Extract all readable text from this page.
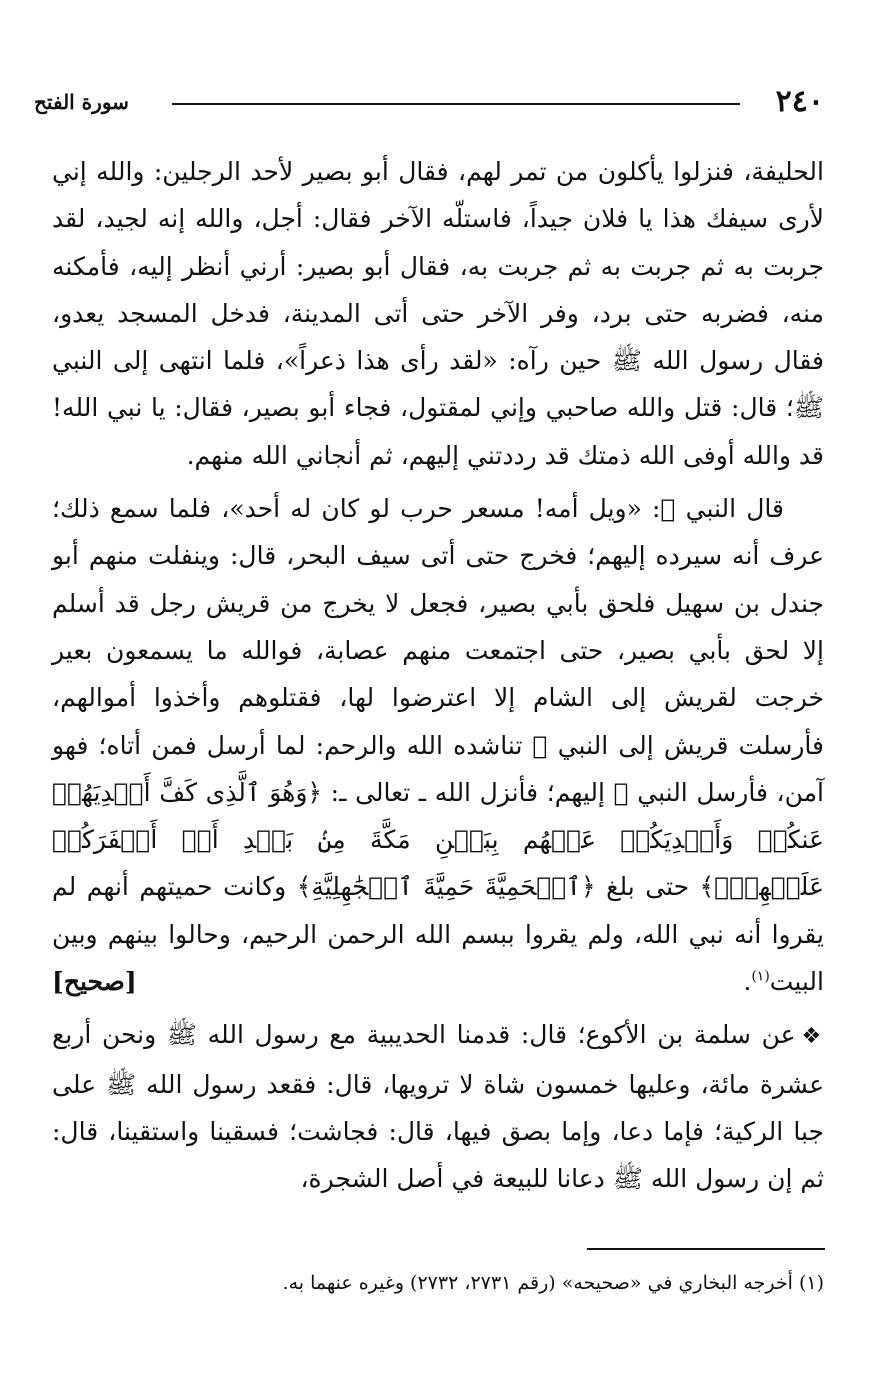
٢٤٠
سورة الفتح

الحليفة، فنزلوا يأكلون من تمر لهم، فقال أبو بصير لأحد الرجلين: والله إني لأرى سيفك هذا يا فلان جيداً، فاستلّه الآخر فقال: أجل، والله إنه لجيد، لقد جربت به ثم جربت به ثم جربت به، فقال أبو بصير: أرني أنظر إليه، فأمكنه منه، فضربه حتى برد، وفر الآخر حتى أتى المدينة، فدخل المسجد يعدو، فقال رسول الله ﷺ حين رآه: «لقد رأى هذا ذعراً»، فلما انتهى إلى النبي ﷺ؛ قال: قتل والله صاحبي وإني لمقتول، فجاء أبو بصير، فقال: يا نبي الله! قد والله أوفى الله ذمتك قد رددتني إليهم، ثم أنجاني الله منهم.

قال النبي ﷺ: «ويل أمه! مسعر حرب لو كان له أحد»، فلما سمع ذلك؛ عرف أنه سيرده إليهم؛ فخرج حتى أتى سيف البحر، قال: وينفلت منهم أبو جندل بن سهيل فلحق بأبي بصير، فجعل لا يخرج من قريش رجل قد أسلم إلا لحق بأبي بصير، حتى اجتمعت منهم عصابة، فوالله ما يسمعون بعير خرجت لقريش إلى الشام إلا اعترضوا لها، فقتلوهم وأخذوا أموالهم، فأرسلت قريش إلى النبي ﷺ تناشده الله والرحم: لما أرسل فمن أتاه؛ فهو آمن، فأرسل النبي ﷺ إليهم؛ فأنزل الله ـ تعالى ـ: ﴿وَهُوَ ٱلَّذِى كَفَّ أَيۡدِيَهُمۡ عَنكُمۡ وَأَيۡدِيَكُمۡ عَنۡهُم بِبَطۡنِ مَكَّةَ مِنۢ بَعۡدِ أَنۡ أَظۡفَرَكُمۡ عَلَيۡهِمۡۚ﴾ حتى بلغ ﴿ٱلۡحَمِيَّةَ حَمِيَّةَ ٱلۡجَٰهِلِيَّةِ﴾ وكانت حميتهم أنهم لم يقروا أنه نبي الله، ولم يقروا ببسم الله الرحمن الرحيم، وحالوا بينهم وبين البيت$^{(١)}$.
[صحيح]

❖عن سلمة بن الأكوع؛ قال: قدمنا الحديبية مع رسول الله ﷺ ونحن أربع عشرة مائة، وعليها خمسون شاة لا ترويها، قال: فقعد رسول الله ﷺ على جبا الركية؛ فإما دعا، وإما بصق فيها، قال: فجاشت؛ فسقينا واستقينا، قال: ثم إن رسول الله ﷺ دعانا للبيعة في أصل الشجرة،

(١) أخرجه البخاري في «صحيحه» (رقم ٢٧٣١، ٢٧٣٢) وغيره عنهما به.
